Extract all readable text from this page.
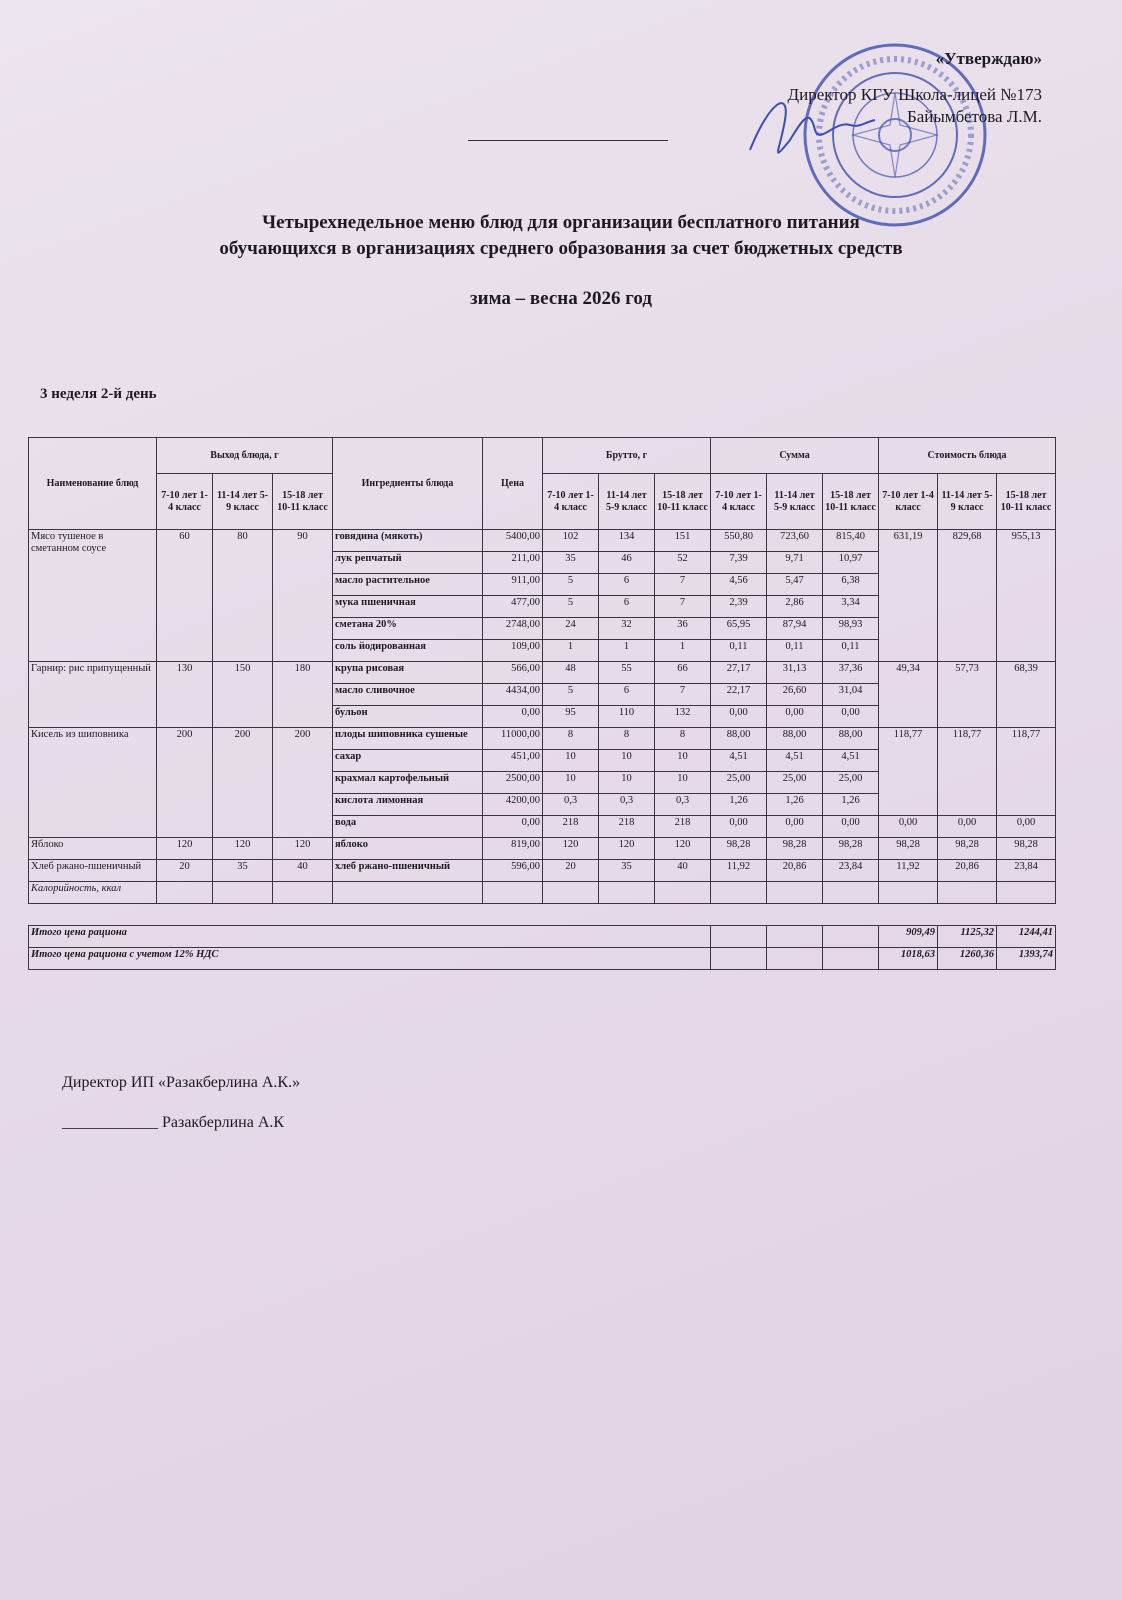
«Утверждаю»
Директор КГУ Школа-лицей №173
Байымбетова Л.М.
Четырехнедельное меню блюд для организации бесплатного питания
обучающихся в организациях среднего образования за счет бюджетных средств
зима – весна 2026 год
3 неделя 2-й день
Наименование блюд	Выход блюда, г			Ингредиенты блюда	Цена	Брутто, г			Сумма			Стоимость блюда		
	7-10 лет 1-4 класс	11-14 лет 5-9 класс	15-18 лет 10-11 класс			7-10 лет 1-4 класс	11-14 лет 5-9 класс	15-18 лет 10-11 класс	7-10 лет 1-4 класс	11-14 лет 5-9 класс	15-18 лет 10-11 класс	7-10 лет 1-4 класс	11-14 лет 5-9 класс	15-18 лет 10-11 класс
Мясо тушеное в сметанном соусе	60	80	90	говядина (мякоть)	5400,00	102	134	151	550,80	723,60	815,40	631,19	829,68	955,13
				лук репчатый	211,00	35	46	52	7,39	9,71	10,97			
				масло растительное	911,00	5	6	7	4,56	5,47	6,38			
				мука пшеничная	477,00	5	6	7	2,39	2,86	3,34			
				сметана 20%	2748,00	24	32	36	65,95	87,94	98,93			
				соль йодированная	109,00	1	1	1	0,11	0,11	0,11			
Гарнир: рис припущенный	130	150	180	крупа рисовая	566,00	48	55	66	27,17	31,13	37,36	49,34	57,73	68,39
				масло сливочное	4434,00	5	6	7	22,17	26,60	31,04			
				бульон	0,00	95	110	132	0,00	0,00	0,00			
Кисель из шиповника	200	200	200	плоды шиповника сушеные	11000,00	8	8	8	88,00	88,00	88,00	118,77	118,77	118,77
				сахар	451,00	10	10	10	4,51	4,51	4,51			
				крахмал картофельный	2500,00	10	10	10	25,00	25,00	25,00			
				кислота лимонная	4200,00	0,3	0,3	0,3	1,26	1,26	1,26			
				вода	0,00	218	218	218	0,00	0,00	0,00	0,00	0,00	0,00
Яблоко	120	120	120	яблоко	819,00	120	120	120	98,28	98,28	98,28	98,28	98,28	98,28
Хлеб ржано-пшеничный	20	35	40	хлеб ржано-пшеничный	596,00	20	35	40	11,92	20,86	23,84	11,92	20,86	23,84
Калорийность, ккал														

Итого цена рациона												909,49	1125,32	1244,41
Итого цена рациона с учетом 12% НДС												1018,63	1260,36	1393,74
Директор ИП «Разакберлина А.К.»
____________ Разакберлина А.К
